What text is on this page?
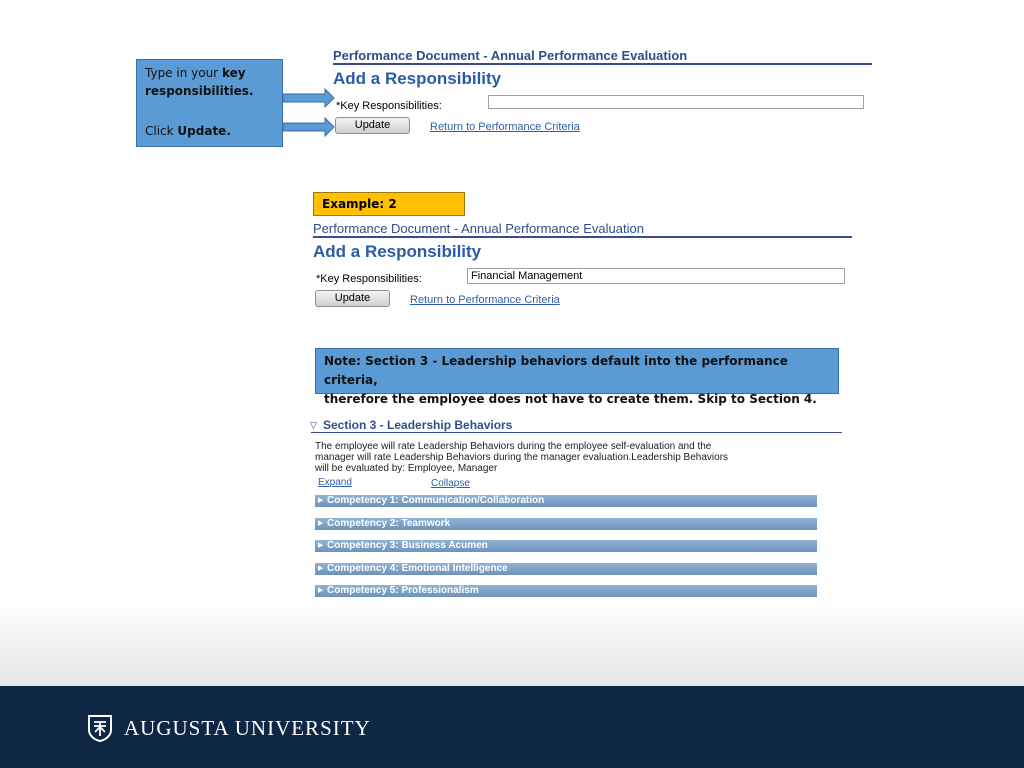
Type in your key
responsibilities.
Click Update.
Performance Document - Annual Performance Evaluation
Add a Responsibility
*Key Responsibilities:
Update	Return to Performance Criteria
Example: 2
Performance Document - Annual Performance Evaluation
Add a Responsibility
*Key Responsibilities:
Financial Management
Update	Return to Performance Criteria
Note: Section 3 - Leadership behaviors default into the performance criteria,
therefore the employee does not have to create them. Skip to Section 4.
▽ Section 3 - Leadership Behaviors
The employee will rate Leadership Behaviors during the employee self-evaluation and the
manager will rate Leadership Behaviors during the manager evaluation.Leadership Behaviors
will be evaluated by: Employee, Manager
Expand	Collapse
▶ Competency 1: Communication/Collaboration
▶ Competency 2: Teamwork
▶ Competency 3: Business Acumen
▶ Competency 4: Emotional Intelligence
▶ Competency 5: Professionalism
AUGUSTA UNIVERSITY
